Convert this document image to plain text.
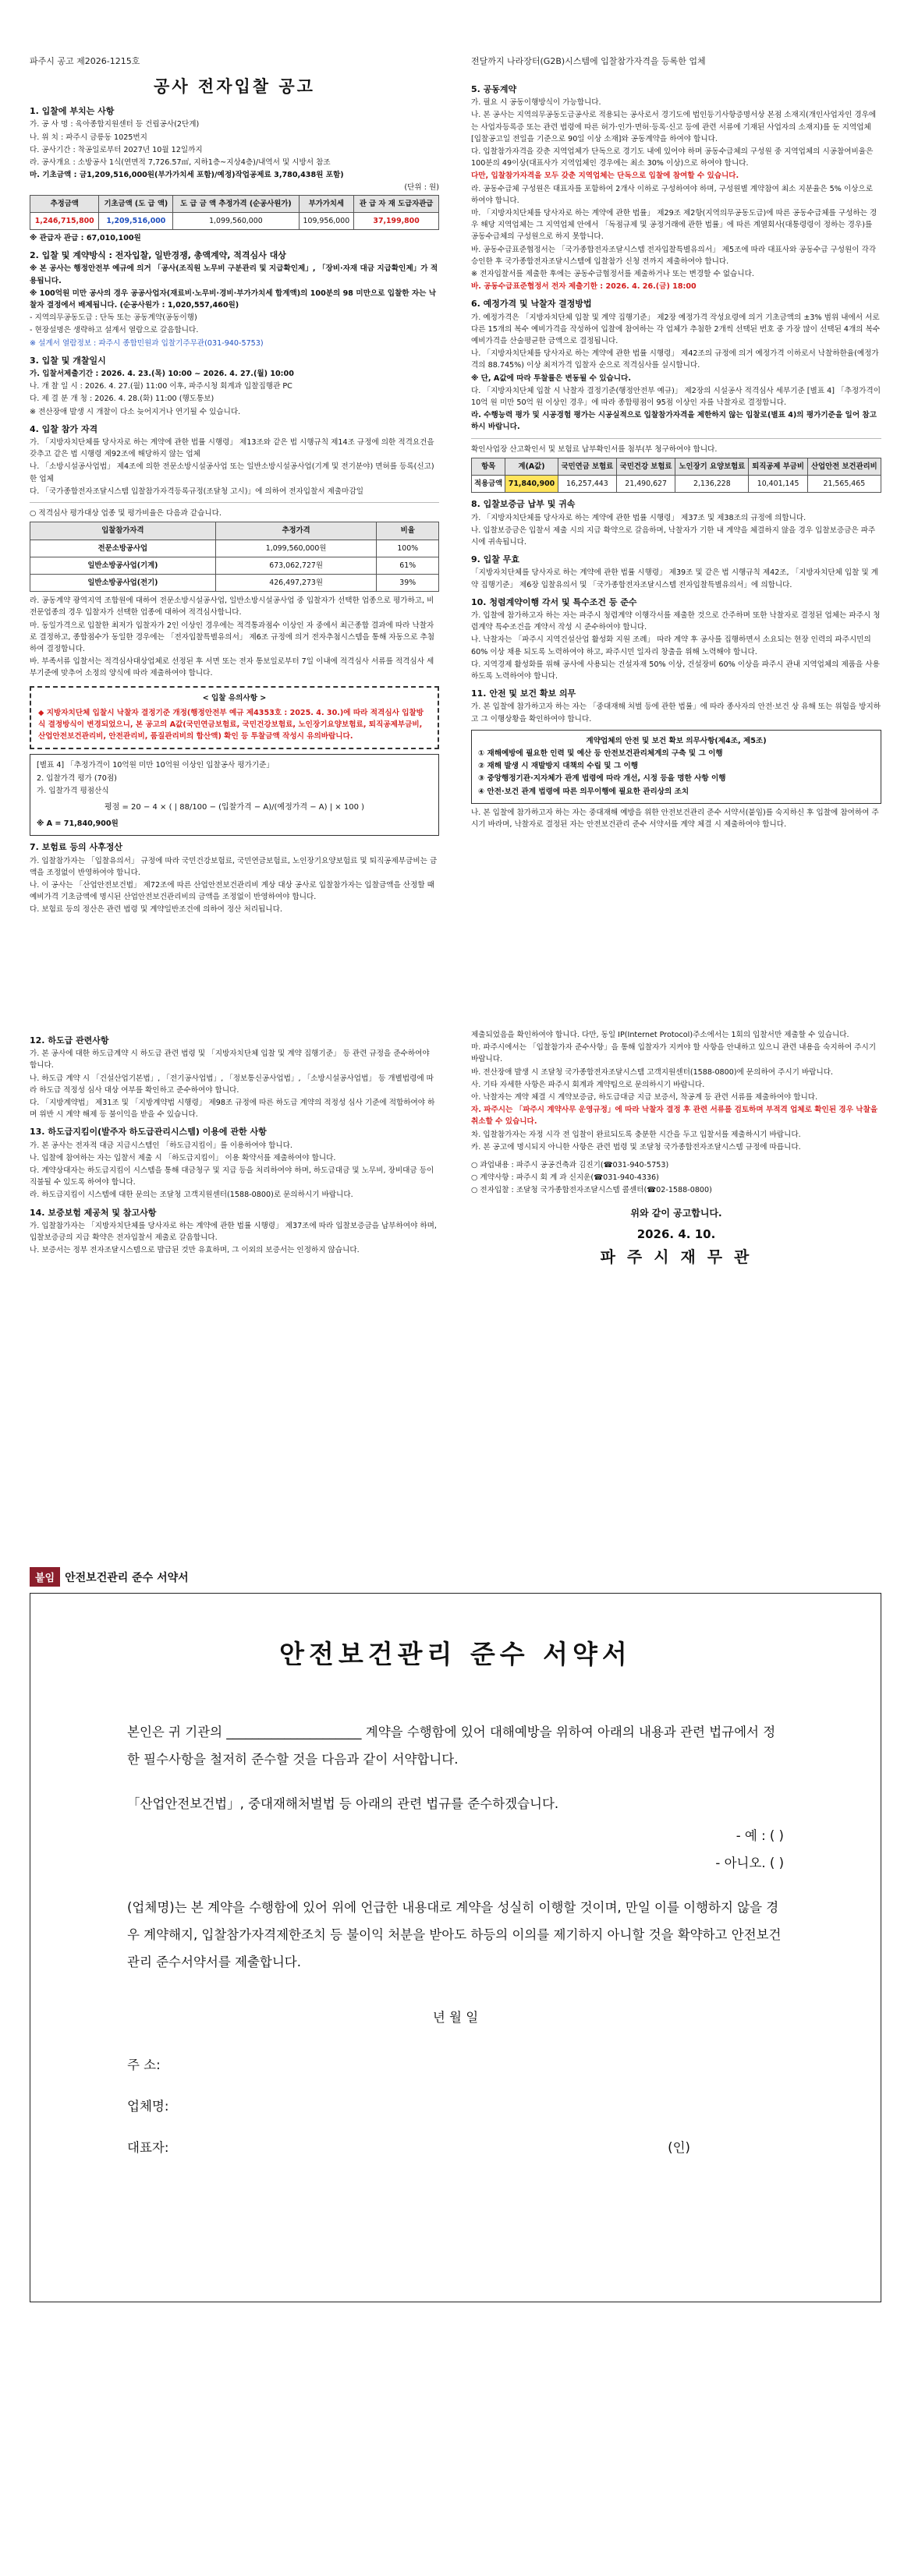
파주시 공고 제2026-1215호	전달까지 나라장터(G2B)시스템에 입찰참가자격을 등록한 업체
공사 전자입찰 공고
1. 입찰에 부치는 사항

가. 공 사 명 : 육아종합지원센터 등 건립공사(2단계)

나. 위 치 : 파주시 금릉동 1025번지

다. 공사기간 : 착공일로부터 2027년 10월 12일까지

라. 공사개요 : 소방공사 1식(연면적 7,726.57㎡, 지하1층~지상4층)/내역서 및 시방서 참조

마. 기초금액 : 금1,209,516,000원(부가가치세 포함)/예정)작업공제료 3,780,438원 포함)

(단위 : 원)

추정금액	기초금액 (도 급 액)	도 급 금 액 추정가격 (순공사원가)	부가가치세	관 급 자 재 도급자관급
1,246,715,800	1,209,516,000	1,099,560,000	109,956,000	37,199,800

※ 관급자 관급 : 67,010,100원

2. 입찰 및 계약방식 : 전자입찰, 일반경쟁, 총액계약, 적격심사 대상

※ 본 공사는 행정안전부 예규에 의거 「공사(조직원 노무비 구분관리 및 지급확인제」, 「장비·자재 대금 지급확인제」가 적용됩니다.

※ 100억원 미만 공사의 경우 공공사업자(재료비·노무비·경비·부가가치세 합계액)의 100분의 98 미만으로 입찰한 자는 낙찰자 결정에서 배제됩니다. (순공사원가 : 1,020,557,460원)

- 지역의무공동도급 : 단독 또는 공동계약(공동이행)

- 현장설명은 생략하고 설계서 열람으로 갈음합니다.

※ 설계서 열람정보 : 파주시 종합민원과 입찰기주무관(031-940-5753)

3. 입찰 및 개찰일시

가. 입찰서제출기간 : 2026. 4. 23.(목) 10:00 ~ 2026. 4. 27.(월) 10:00

나. 개 찰 일 시 : 2026. 4. 27.(월) 11:00 이후, 파주시청 회계과 입찰집행관 PC

다. 제 결 분 개 청 : 2026. 4. 28.(화) 11:00 (행도통보)

※ 전산장애 발생 시 개찰이 다소 늦어지거나 연기될 수 있습니다.

4. 입찰 참가 자격

가. 「지방자치단체를 당사자로 하는 계약에 관한 법률 시행령」 제13조와 같은 법 시행규칙 제14조 규정에 의한 적격요건을 갖추고 같은 법 시행령 제92조에 해당하지 않는 업체

나. 「소방시설공사업법」 제4조에 의한 전문소방시설공사업 또는 일반소방시설공사업(기계 및 전기분야) 면허를 등록(신고)한 업체

다. 「국가종합전자조달시스템 입찰참가자격등록규정(조달청 고시)」에 의하여 전자입찰서 제출마감일

○ 적격심사 평가대상 업종 및 평가비율은 다음과 같습니다.

입찰참가자격	추정가격	비율
전문소방공사업	1,099,560,000원	100%
일반소방공사업(기계)	673,062,727원	61%
일반소방공사업(전기)	426,497,273원	39%

라. 공동계약 광역지역 조합원에 대하여 전문소방시설공사업, 일반소방시설공사업 중 입찰자가 선택한 업종으로 평가하고, 비전문업종의 경우 입찰자가 선택한 업종에 대하여 적격심사합니다.

마. 동일가격으로 입찰한 최저가 입찰자가 2인 이상인 경우에는 적격통과점수 이상인 자 중에서 최근종합 결과에 따라 낙찰자로 결정하고, 종합점수가 동일한 경우에는 「전자입찰특별유의서」 제6조 규정에 의거 전자추첨시스템을 통해 자동으로 추첨하여 결정합니다.

바. 부족서류 입찰서는 적격심사대상업체로 선정된 후 서면 또는 전자 통보일로부터 7일 이내에 적격심사 서류를 적격심사 세부기준에 맞추어 소정의 양식에 따라 제출하여야 합니다.

< 입찰 유의사항 >

◆ 지방자치단체 입찰시 낙찰자 결정기준 개정(행정안전부 예규 제4353호 : 2025. 4. 30.)에 따라 적격심사 입찰방식 결정방식이 변경되었으니, 본 공고의 A값(국민연금보험료, 국민건강보험료, 노인장기요양보험료, 퇴직공제부금비, 산업안전보건관리비, 안전관리비, 품질관리비의 합산액) 확인 등 투찰금액 작성시 유의바랍니다.

[별표 4] 「추정가격이 10억원 미만 10억원 이상인 입찰공사 평가기준」

2. 입찰가격 평가 (70점)

가. 입찰가격 평점산식

평점 = 20 − 4 × ( | 88/100 − (입찰가격 − A)/(예정가격 − A) | × 100 )

※ A = 71,840,900원

7. 보험료 등의 사후정산

가. 입찰참가자는 「입찰유의서」 규정에 따라 국민건강보험료, 국민연금보험료, 노인장기요양보험료 및 퇴직공제부금비는 금액을 조정없이 반영하여야 합니다.

나. 이 공사는 「산업안전보건법」 제72조에 따른 산업안전보건관리비 계상 대상 공사로 입찰참가자는 입찰금액을 산정할 때 예비가격 기초금액에 명시된 산업안전보건관리비의 금액을 조정없이 반영하여야 합니다.

다. 보험료 등의 정산은 관련 법령 및 계약일반조건에 의하여 정산 처리됩니다.

5. 공동계약

가. 필요 시 공동이행방식이 가능합니다.

나. 본 공사는 지역의무공동도급공사로 적용되는 공사로서 경기도에 법인등기사항증명서상 본점 소재지(개인사업자인 경우에는 사업자등록증 또는 관련 법령에 따른 허가·인가·면허·등록·신고 등에 관련 서류에 기재된 사업자의 소재지)를 둔 지역업체 [입찰공고일 전일을 기준으로 90일 이상 소재]와 공동계약을 하여야 합니다.

다. 입찰참가자격을 갖춘 지역업체가 단독으로 경기도 내에 있어야 하며 공동수급체의 구성원 중 지역업체의 시공참여비율은 100분의 49이상(대표사가 지역업체인 경우에는 최소 30% 이상)으로 하여야 합니다.

다만, 입찰참가자격을 모두 갖춘 지역업체는 단독으로 입찰에 참여할 수 있습니다.

라. 공동수급체 구성원은 대표자를 포함하여 2개사 이하로 구성하여야 하며, 구성원별 계약참여 최소 지분율은 5% 이상으로 하여야 합니다.

마. 「지방자치단체를 당사자로 하는 계약에 관한 법률」 제29조 제2항(지역의무공동도급)에 따른 공동수급체를 구성하는 경우 해당 지역업체는 그 지역업체 안에서 「독점규제 및 공정거래에 관한 법률」에 따른 계열회사(대통령령이 정하는 경우)를 공동수급체의 구성원으로 하지 못합니다.

바. 공동수급표준협정서는 「국가종합전자조달시스템 전자입찰특별유의서」 제5조에 따라 대표사와 공동수급 구성원이 각각 승인한 후 국가종합전자조달시스템에 입찰참가 신청 전까지 제출하여야 합니다.

※ 전자입찰서를 제출한 후에는 공동수급협정서를 제출하거나 또는 변경할 수 없습니다.

바. 공동수급표준협정서 전자 제출기한 : 2026. 4. 26.(금) 18:00

6. 예정가격 및 낙찰자 결정방법

가. 예정가격은 「지방자치단체 입찰 및 계약 집행기준」 제2장 예정가격 작성요령에 의거 기초금액의 ±3% 범위 내에서 서로 다른 15개의 복수 예비가격을 작성하여 입찰에 참여하는 각 업체가 추첨한 2개씩 선택된 번호 중 가장 많이 선택된 4개의 복수예비가격을 산술평균한 금액으로 결정됩니다.

나. 「지방자치단체를 당사자로 하는 계약에 관한 법률 시행령」 제42조의 규정에 의거 예정가격 이하로서 낙찰하한율(예정가격의 88.745%) 이상 최저가격 입찰자 순으로 적격심사를 실시합니다.

※ 단, A값에 따라 투찰률은 변동될 수 있습니다.

다. 「지방자치단체 입찰 시 낙찰자 결정기준(행정안전부 예규)」 제2장의 시설공사 적격심사 세부기준 [별표 4] 「추정가격이 10억 원 미만 50억 원 이상인 경우」에 따라 종합평점이 95점 이상인 자를 낙찰자로 결정합니다.

라. 수행능력 평가 및 시공경험 평가는 시공실적으로 입찰참가자격을 제한하지 않는 입찰로(별표 4)의 평가기준을 일어 참고하시 바랍니다.

확인사업장 산고확인서 및 보험료 납부확인서를 첨부(부 청구하여야 합니다.

항목	계(A값)	국민연금 보험료	국민건강 보험료	노인장기 요양보험료	퇴직공제 부금비	산업안전 보건관리비
적용금액	71,840,900	16,257,443	21,490,627	2,136,228	10,401,145	21,565,465
8. 입찰보증금 납부 및 귀속

가. 「지방자치단체를 당사자로 하는 계약에 관한 법률 시행령」 제37조 및 제38조의 규정에 의합니다.

나. 입찰보증금은 입찰서 제출 시의 지급 확약으로 갈음하며, 낙찰자가 기한 내 계약을 체결하지 않을 경우 입찰보증금은 파주시에 귀속됩니다.

9. 입찰 무효

「지방자치단체를 당사자로 하는 계약에 관한 법률 시행령」 제39조 및 같은 법 시행규칙 제42조, 「지방자치단체 입찰 및 계약 집행기준」 제6장 입찰유의서 및 「국가종합전자조달시스템 전자입찰특별유의서」에 의합니다.

10. 청렴계약이행 각서 및 특수조건 등 준수

가. 입찰에 참가하고자 하는 자는 파주시 청렴계약 이행각서를 제출한 것으로 간주하며 또한 낙찰자로 결정된 업체는 파주시 청렴계약 특수조건을 계약서 작성 시 준수하여야 합니다.

나. 낙찰자는 「파주시 지역건설산업 활성화 지원 조례」 따라 계약 후 공사를 집행하면서 소요되는 현장 인력의 파주시민의 60% 이상 채용 되도록 노력하여야 하고, 파주시민 일자리 창출을 위해 노력해야 합니다.

다. 지역경제 활성화를 위해 공사에 사용되는 건설자재 50% 이상, 건설장비 60% 이상을 파주시 관내 지역업체의 제품을 사용하도록 노력하여야 합니다.

11. 안전 및 보건 확보 의무

가. 본 입찰에 참가하고자 하는 자는 「중대재해 처벌 등에 관한 법률」에 따라 종사자의 안전·보건 상 유해 또는 위험을 방지하고 그 이행상황을 확인하여야 합니다.

계약업체의 안전 및 보건 확보 의무사항(제4조, 제5조)

① 재해예방에 필요한 인력 및 예산 등 안전보건관리체계의 구축 및 그 이행

② 재해 발생 시 재발방지 대책의 수립 및 그 이행

③ 중앙행정기관·지자체가 관계 법령에 따라 개선, 시정 등을 명한 사항 이행

④ 안전·보건 관계 법령에 따른 의무이행에 필요한 관리상의 조치

나. 본 입찰에 참가하고자 하는 자는 중대재해 예방을 위한 안전보건관리 준수 서약서(붙임)를 숙지하신 후 입찰에 참여하여 주시기 바라며, 낙찰자로 결정된 자는 안전보건관리 준수 서약서를 계약 체결 시 제출하여야 합니다.

12. 하도급 관련사항

가. 본 공사에 대한 하도급계약 시 하도급 관련 법령 및 「지방자치단체 입찰 및 계약 집행기준」 등 관련 규정을 준수하여야 합니다.

나. 하도급 계약 시 「건설산업기본법」, 「전기공사업법」, 「정보통신공사업법」, 「소방시설공사업법」 등 개별법령에 따라 하도급 적정성 심사 대상 여부를 확인하고 준수하여야 합니다.

다. 「지방계약법」 제31조 및 「지방계약법 시행령」 제98조 규정에 따른 하도급 계약의 적정성 심사 기준에 적합하여야 하며 위반 시 계약 해제 등 불이익을 받을 수 있습니다.

13. 하도급지킴이(발주자 하도급관리시스템) 이용에 관한 사항

가. 본 공사는 전자적 대금 지급시스템인 「하도급지킴이」를 이용하여야 합니다.

나. 입찰에 참여하는 자는 입찰서 제출 시 「하도급지킴이」 이용 확약서를 제출하여야 합니다.

다. 계약상대자는 하도급지킴이 시스템을 통해 대금청구 및 지급 등을 처리하여야 하며, 하도급대금 및 노무비, 장비대금 등이 직불될 수 있도록 하여야 합니다.

라. 하도급지킴이 시스템에 대한 문의는 조달청 고객지원센터(1588-0800)로 문의하시기 바랍니다.

14. 보증보험 제공처 및 참고사항

가. 입찰참가자는 「지방자치단체를 당사자로 하는 계약에 관한 법률 시행령」 제37조에 따라 입찰보증금을 납부하여야 하며, 입찰보증금의 지급 확약은 전자입찰서 제출로 갈음합니다.

나. 보증서는 정부 전자조달시스템으로 발급된 것만 유효하며, 그 이외의 보증서는 인정하지 않습니다.

제출되었음을 확인하여야 합니다. 다만, 동일 IP(Internet Protocol)주소에서는 1회의 입찰서만 제출할 수 있습니다.

마. 파주시에서는 「입찰참가자 준수사항」을 통해 입찰자가 지켜야 할 사항을 안내하고 있으니 관련 내용을 숙지하여 주시기 바랍니다.

바. 전산장애 발생 시 조달청 국가종합전자조달시스템 고객지원센터(1588-0800)에 문의하여 주시기 바랍니다.

사. 기타 자세한 사항은 파주시 회계과 계약팀으로 문의하시기 바랍니다.

아. 낙찰자는 계약 체결 시 계약보증금, 하도급대금 지급 보증서, 착공계 등 관련 서류를 제출하여야 합니다.

자. 파주시는 「파주시 계약사무 운영규정」에 따라 낙찰자 결정 후 관련 서류를 검토하며 부적격 업체로 확인된 경우 낙찰을 취소할 수 있습니다.

차. 입찰참가자는 자정 시각 전 입찰이 완료되도록 충분한 시간을 두고 입찰서를 제출하시기 바랍니다.

카. 본 공고에 명시되지 아니한 사항은 관련 법령 및 조달청 국가종합전자조달시스템 규정에 따릅니다.

○ 과업내용 : 파주시 공공건축과 김진기(☎031-940-5753)

○ 계약사항 : 파주시 회 계 과 신지운(☎031-940-4336)

○ 전자입찰 : 조달청 국가종합전자조달시스템 콜센터(☎02-1588-0800)

위와 같이 공고합니다.

2026. 4. 10.

파 주 시 재 무 관

붙임 안전보건관리 준수 서약서
안전보건관리 준수 서약서

본인은 귀 기관의 _____________________ 계약을 수행함에 있어 대해예방을 위하여 아래의 내용과 관련 법규에서 정한 필수사항을 철저히 준수할 것을 다음과 같이 서약합니다.

「산업안전보건법」, 중대재해처벌법 등 아래의 관련 법규를 준수하겠습니다.

- 예 : ( )

- 아니오. ( )

(업체명)는 본 계약을 수행함에 있어 위에 언급한 내용대로 계약을 성실히 이행할 것이며, 만일 이를 이행하지 않을 경우 계약해지, 입찰참가자격제한조치 등 불이익 처분을 받아도 하등의 이의를 제기하지 아니할 것을 확약하고 안전보건관리 준수서약서를 제출합니다.

년 월 일

주 소:

업체명:

대표자:	(인)
